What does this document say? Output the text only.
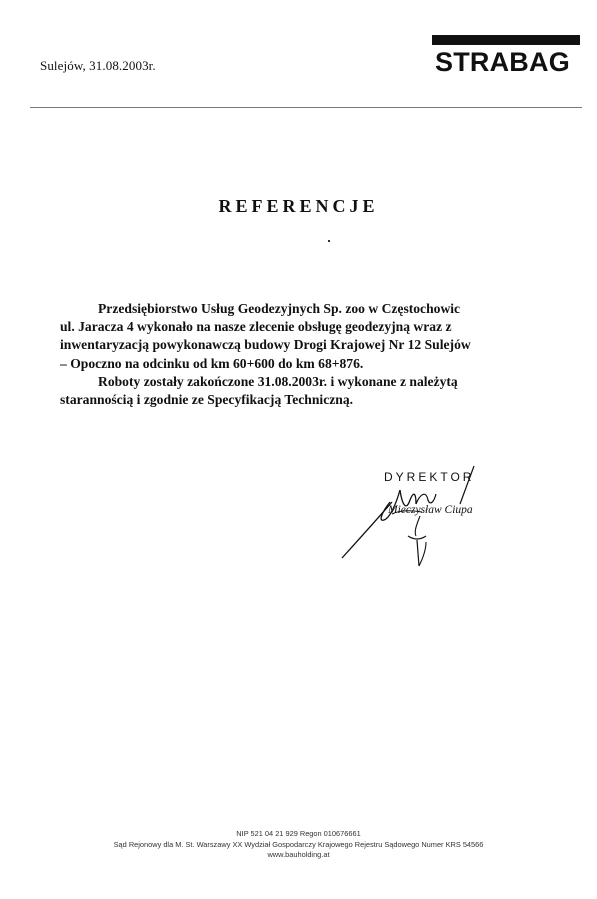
Sulejów, 31.08.2003r.	STRABAG
REFERENCJE
Przedsiębiorstwo Usług Geodezyjnych Sp. zoo w Częstochowic
ul. Jaracza 4 wykonało na nasze zlecenie obsługę geodezyjną wraz z
inwentaryzacją powykonawczą budowy Drogi Krajowej Nr 12 Sulejów
– Opoczno na odcinku od km 60+600 do km 68+876.
Roboty zostały zakończone 31.08.2003r. i wykonane z należytą
starannością i zgodnie ze Specyfikacją Techniczną.
DYREKTOR
Mieczysław Ciupa
NIP 521 04 21 929 Regon 010676661
Sąd Rejonowy dla M. St. Warszawy XX Wydział Gospodarczy Krajowego Rejestru Sądowego Numer KRS 54566
www.bauholding.at
